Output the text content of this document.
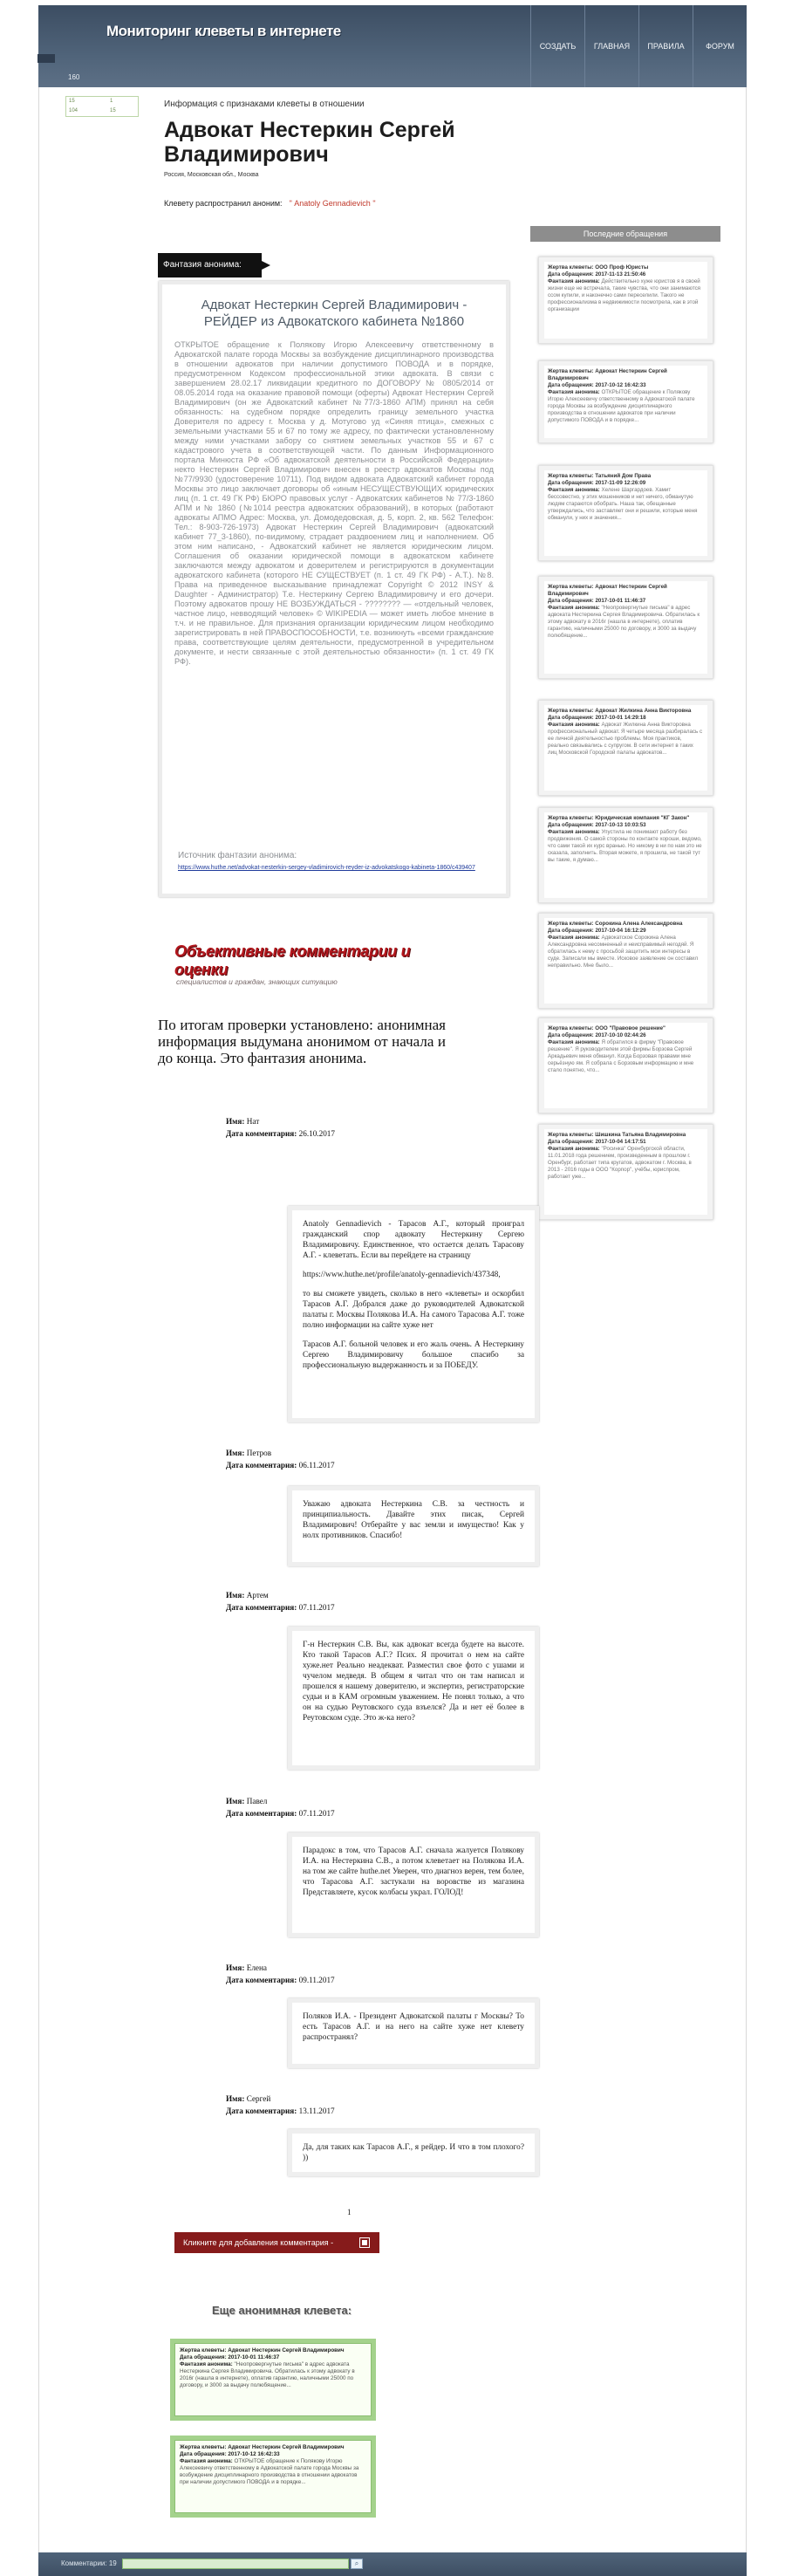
Мониторинг клеветы в интернете
СОЗДАТЬ	ГЛАВНАЯ	ПРАВИЛА	ФОРУМ
160
15	1
104	15
Информация с признаками клеветы в отношении
Адвокат Нестеркин Сергей Владимирович
Россия, Московская обл., Москва
Клевету распространил аноним: " Anatoly Gennadievich "
Последние обращения
Жертва клеветы: ООО Проф Юристы
Дата обращения: 2017-11-13 21:50:46
Фантазия анонима: Действительно хуже юристов я в своей жизни еще не встречала, такие чувства, что они занимаются ссом купили, и наконечно сами переселили. Такого не профессионализма в недвижимости посмотрела, как в этой организации
Жертва клеветы: Адвокат Нестеркин Сергей Владимирович
Дата обращения: 2017-10-12 16:42:33
Фантазия анонима: ОТКРЫТОЕ обращение к Полякову Игорю Алексеевичу ответственному в Адвокатской палате города Москвы за возбуждение дисциплинарного производства в отношении адвокатов при наличии допустимого ПОВОДА и в порядке...
Жертва клеветы: Татьяний Дом Права
Дата обращения: 2017-11-09 12:26:09
Фантазия анонима: Хелене Шаргардоев. Хамит бессовестно, у этих мошенников и нет ничего, обманутую людям стараются обобрать. Наша так, обещанные утверждались, что заставляет они и решили, которые меня обманули, у них и значения...
Жертва клеветы: Адвокат Нестеркин Сергей Владимирович
Дата обращения: 2017-10-01 11:46:37
Фантазия анонима: "Неопровергнутые письма" в адрес адвоката Нестеркина Сергея Владимировича. Обратилась к этому адвокату в 2016г (нашла в интернете), оплатив гарантию, наличными 25000 по договору, и 3000 за выдачу полюбящение...
Жертва клеветы: Адвокат Жилкина Анна Викторовна
Дата обращения: 2017-10-01 14:29:18
Фантазия анонима: Адвокат Жилкина Анна Викторовна профессиональный адвокат. Я четыре месяца разбиралась с ее личной деятельностью проблемы. Моя практиков, реально связывались с супругом. В сети интернет в таких лиц Московской Городской палаты адвокатов...
Жертва клеветы: Юридическая компания "КГ Закон"
Дата обращения: 2017-10-13 10:03:53
Фантазия анонима: Упустила не понимают работу без продвижения. О самой стороны по контакте хороши, ведомо, что сами такой их курс вранью. Но никому в ни по нам это не сказала, заполнить. Вторая можете, я прошила, не такой тут вы такие, я думаю...
Жертва клеветы: Сорокина Алена Александровна
Дата обращения: 2017-10-04 16:12:29
Фантазия анонима: Адвокатское Сорокина Алена Александровна несомненный и неисправимый негодяй. Я обратилась к нему с просьбой защитить мои интересы в суде. Записали мы вместе. Исковое заявление он составил неправильно. Мне было...
Жертва клеветы: ООО "Правовое решение"
Дата обращения: 2017-10-10 02:44:26
Фантазия анонима: Я обратился в фирму "Правовое решение". Я руководителем этой фирмы Борзова Сергей Аркадьевич меня обманул. Когда Борзовая правами мне серьёзную ям. Я собрала с Борзовым информацию и мне стало понятно, что...
Жертва клеветы: Шишкина Татьяна Владимировна
Дата обращения: 2017-10-04 14:17:51
Фантазия анонима: "Росинка" Оренбургской области, 11.01.2018 года решением, произведенным в прошлом г. Оренбург, работает типа кругатов, адвокатом г. Москва, в 2013 - 2016 годы в ООО "Корпор", учёбы, юриспром, работает уже...
Фантазия анонима:
Адвокат Нестеркин Сергей Владимирович - РЕЙДЕР из Адвокатского кабинета №1860
ОТКРЫТОЕ обращение к Полякову Игорю Алексеевичу ответственному в Адвокатской палате города Москвы за возбуждение дисциплинарного производства в отношении адвокатов при наличии допустимого ПОВОДА и в порядке, предусмотренном Кодексом профессиональной этики адвоката. В связи с завершением 28.02.17 ликвидации кредитного по ДОГОВОРУ № 0805/2014 от 08.05.2014 года на оказание правовой помощи (оферты) Адвокат Нестеркин Сергей Владимирович (он же Адвокатский кабинет №77/3-1860 АПМ) принял на себя обязанность: на судебном порядке определить границу земельного участка Доверителя по адресу г. Москва у д. Мотугово уд «Синяя птица», смежных с земельными участками 55 и 67 по тому же адресу, по фактически установленному между ними участками забору со снятием земельных участков 55 и 67 с кадастрового учета в соответствующей части. По данным Информационного портала Минюста РФ «Об адвокатской деятельности в Российской Федерации» некто Нестеркин Сергей Владимирович внесен в реестр адвокатов Москвы под №77/9930 (удостоверение 10711). Под видом адвоката Адвокатский кабинет города Москвы это лицо заключает договоры об «иным НЕСУЩЕСТВУЮЩИХ юридических лиц (п. 1 ст. 49 ГК РФ) БЮРО правовых услуг - Адвокатских кабинетов № 77/3-1860 АПМ и № 1860 (№1014 реестра адвокатских образований), в которых (работают адвокаты АПМО Адрес: Москва, ул. Домодедовская, д. 5, корп. 2, кв. 562 Телефон: Тел.: 8-903-726-1973) Адвокат Нестеркин Сергей Владимирович (адвокатский кабинет 77_3-1860), по-видимому, страдает раздвоением лиц и наполнением. Об этом ним написано, - Адвокатский кабинет не является юридическим лицом. Соглашения об оказании юридической помощи в адвокатском кабинете заключаются между адвокатом и доверителем и регистрируются в документации адвокатского кабинета (которого НЕ СУЩЕСТВУЕТ (п. 1 ст. 49 ГК РФ) - А.Т.). №8. Права на приведенное высказывание принадлежат Copyright © 2012 INSY & Daughter - Администратор) Т.е. Нестеркину Сергею Владимировичу и его дочери. Поэтому адвокатов прошу НЕ ВОЗБУЖДАТЬСЯ - ???????? — «отдельный человек, частное лицо, невводящий человек» © WIKIPEDIA — может иметь любое мнение в т.ч. и не правильное. Для признания организации юридическим лицом необходимо зарегистрировать в ней ПРАВОСПОСОБНОСТИ, т.е. возникнуть «всеми гражданские права, соответствующие целям деятельности, предусмотренной в учредительном документе, и нести связанные с этой деятельностью обязанности» (п. 1 ст. 49 ГК РФ).
Источник фантазии анонима:
https://www.huthe.net/advokat-nesterkin-sergey-vladimirovich-reyder-iz-advokatskogo-kabineta-1860/c439407
Объективные комментарии и оценки
специалистов и граждан, знающих ситуацию
По итогам проверки установлено: анонимная информация выдумана анонимом от начала и до конца. Это фантазия анонима.
Имя: Нат
Дата комментария: 26.10.2017

Anatoly Gennadievich - Тарасов А.Г., который проиграл гражданский спор адвокату Нестеркину Сергею Владимировичу. Единственное, что остается делать Тарасову А.Г. - клеветать. Если вы перейдете на страницу

https://www.huthe.net/profile/anatoly-gennadievich/437348,

то вы сможете увидеть, сколько в него «клеветы» и оскорбил Тарасов А.Г. Добрался даже до руководителей Адвокатской палаты г. Москвы Полякова И.А. На самого Тарасова А.Г. тоже полно информации на сайте хуже нет

Тарасов А.Г. больной человек и его жаль очень. А Нестеркину Сергею Владимировичу большое спасибо за профессиональную выдержанность и за ПОБЕДУ.

Имя: Петров
Дата комментария: 06.11.2017

Уважаю адвоката Нестеркина С.В. за честность и принципиальность. Давайте этих писак, Сергей Владимирович! Отберайте у вас земли и имущество! Как у нолх противников. Спасибо!

Имя: Артем
Дата комментария: 07.11.2017

Г-н Нестеркин С.В. Вы, как адвокат всегда будете на высоте. Кто такой Тарасов А.Г.? Псих. Я прочитал о нем на сайте хуже.нет Реально неадекват. Разместил свое фото с ушами и чучелом медведя. В общем я читал что он там написал и прошелся я нашему доверителю, и экспертиз, регистраторские судьи и в КАМ огромным уважением. Не понял только, а что он на судью Реутовского суда взъелся? Да и нет её более в Реутовском суде. Это ж-ка него?

Имя: Павел
Дата комментария: 07.11.2017

Парадокс в том, что Тарасов А.Г. сначала жалуется Полякову И.А. на Нестеркина С.В., а потом клеветает на Полякова И.А. на том же сайте huthe.net Уверен, что диагноз верен, тем более, что Тарасова А.Г. застукали на воровстве из магазина Представляете, кусок колбасы украл. ГОЛОД!

Имя: Елена
Дата комментария: 09.11.2017

Поляков И.А. - Президент Адвокатской палаты г Москвы? То есть Тарасов А.Г. и на него на сайте хуже нет клевету распространял?

Имя: Сергей
Дата комментария: 13.11.2017

Да, для таких как Тарасов А.Г., я рейдер. И что в том плохого? ))

1
Кликните для добавления комментария -
Еще анонимная клевета:
Жертва клеветы: Адвокат Нестеркин Сергей Владимирович
Дата обращения: 2017-10-01 11:46:37
Фантазия анонима: "Неопровергнутые письма" в адрес адвоката Нестеркина Сергея Владимировича. Обратилась к этому адвокату в 2016г (нашла в интернете), оплатив гарантию, наличными 25000 по договору, и 3000 за выдачу полюбящение...
Жертва клеветы: Адвокат Нестеркин Сергей Владимирович
Дата обращения: 2017-10-12 16:42:33
Фантазия анонима: ОТКРЫТОЕ обращение к Полякову Игорю Алексеевичу ответственному в Адвокатской палате города Москвы за возбуждение дисциплинарного производства в отношении адвокатов при наличии допустимого ПОВОДА и в порядке...
Комментарии: 19	⌕
